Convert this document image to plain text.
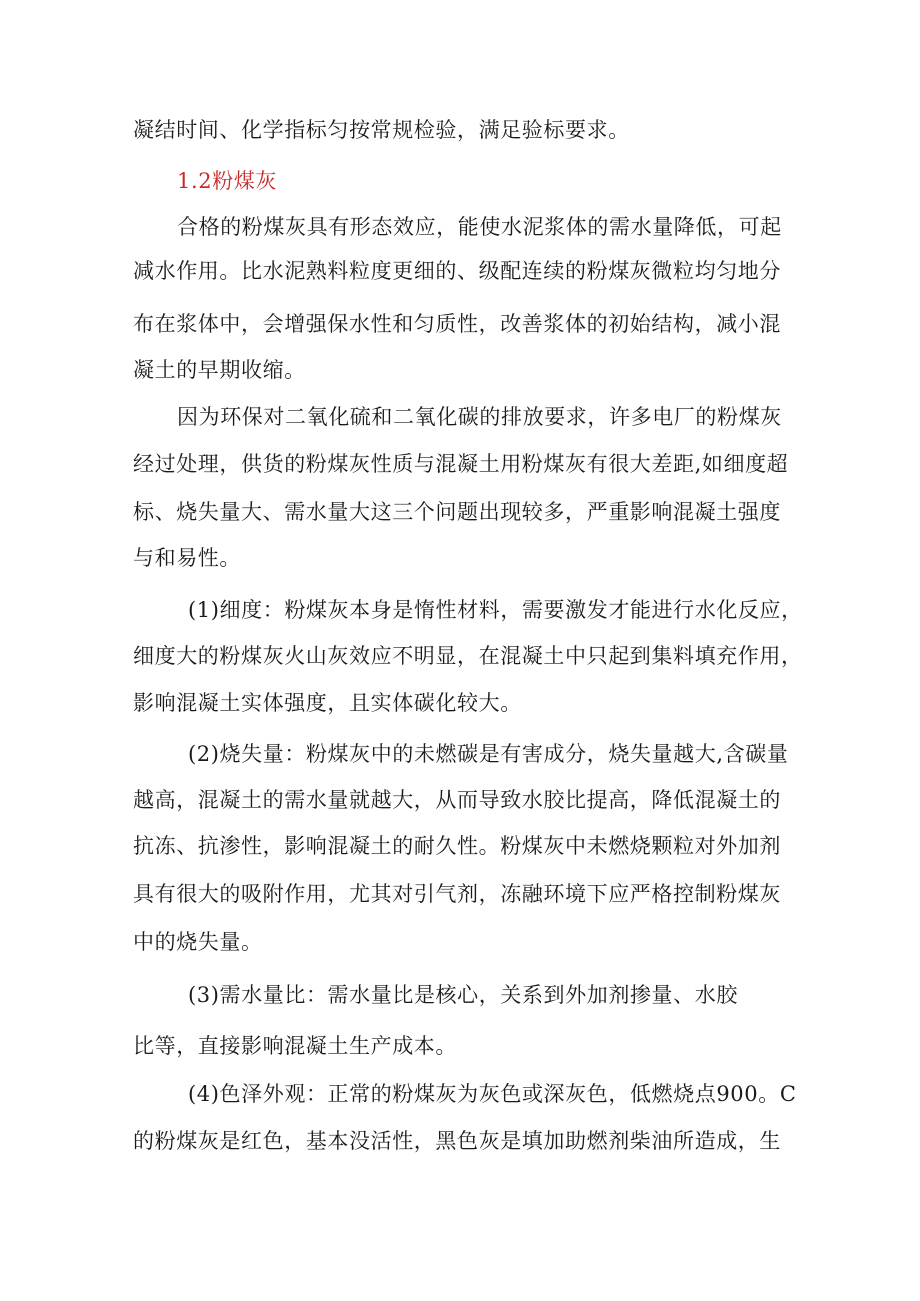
凝结时间、化学指标匀按常规检验，满足验标要求。
1.2粉煤灰
合格的粉煤灰具有形态效应，能使水泥浆体的需水量降低，可起
减水作用。比水泥熟料粒度更细的、级配连续的粉煤灰微粒均匀地分
布在浆体中，会增强保水性和匀质性，改善浆体的初始结构，减小混
凝土的早期收缩。
因为环保对二氧化硫和二氧化碳的排放要求，许多电厂的粉煤灰
经过处理，供货的粉煤灰性质与混凝土用粉煤灰有很大差距,如细度超
标、烧失量大、需水量大这三个问题出现较多，严重影响混凝土强度
与和易性。
(1)细度：粉煤灰本身是惰性材料，需要激发才能进行水化反应，
细度大的粉煤灰火山灰效应不明显，在混凝土中只起到集料填充作用，
影响混凝土实体强度，且实体碳化较大。
(2)烧失量：粉煤灰中的未燃碳是有害成分，烧失量越大,含碳量
越高，混凝土的需水量就越大，从而导致水胶比提高，降低混凝土的
抗冻、抗渗性，影响混凝土的耐久性。粉煤灰中未燃烧颗粒对外加剂
具有很大的吸附作用，尤其对引气剂，冻融环境下应严格控制粉煤灰
中的烧失量。
(3)需水量比：需水量比是核心，关系到外加剂掺量、水胶
比等，直接影响混凝土生产成本。
(4)色泽外观：正常的粉煤灰为灰色或深灰色，低燃烧点900。C
的粉煤灰是红色，基本没活性，黑色灰是填加助燃剂柴油所造成，生
